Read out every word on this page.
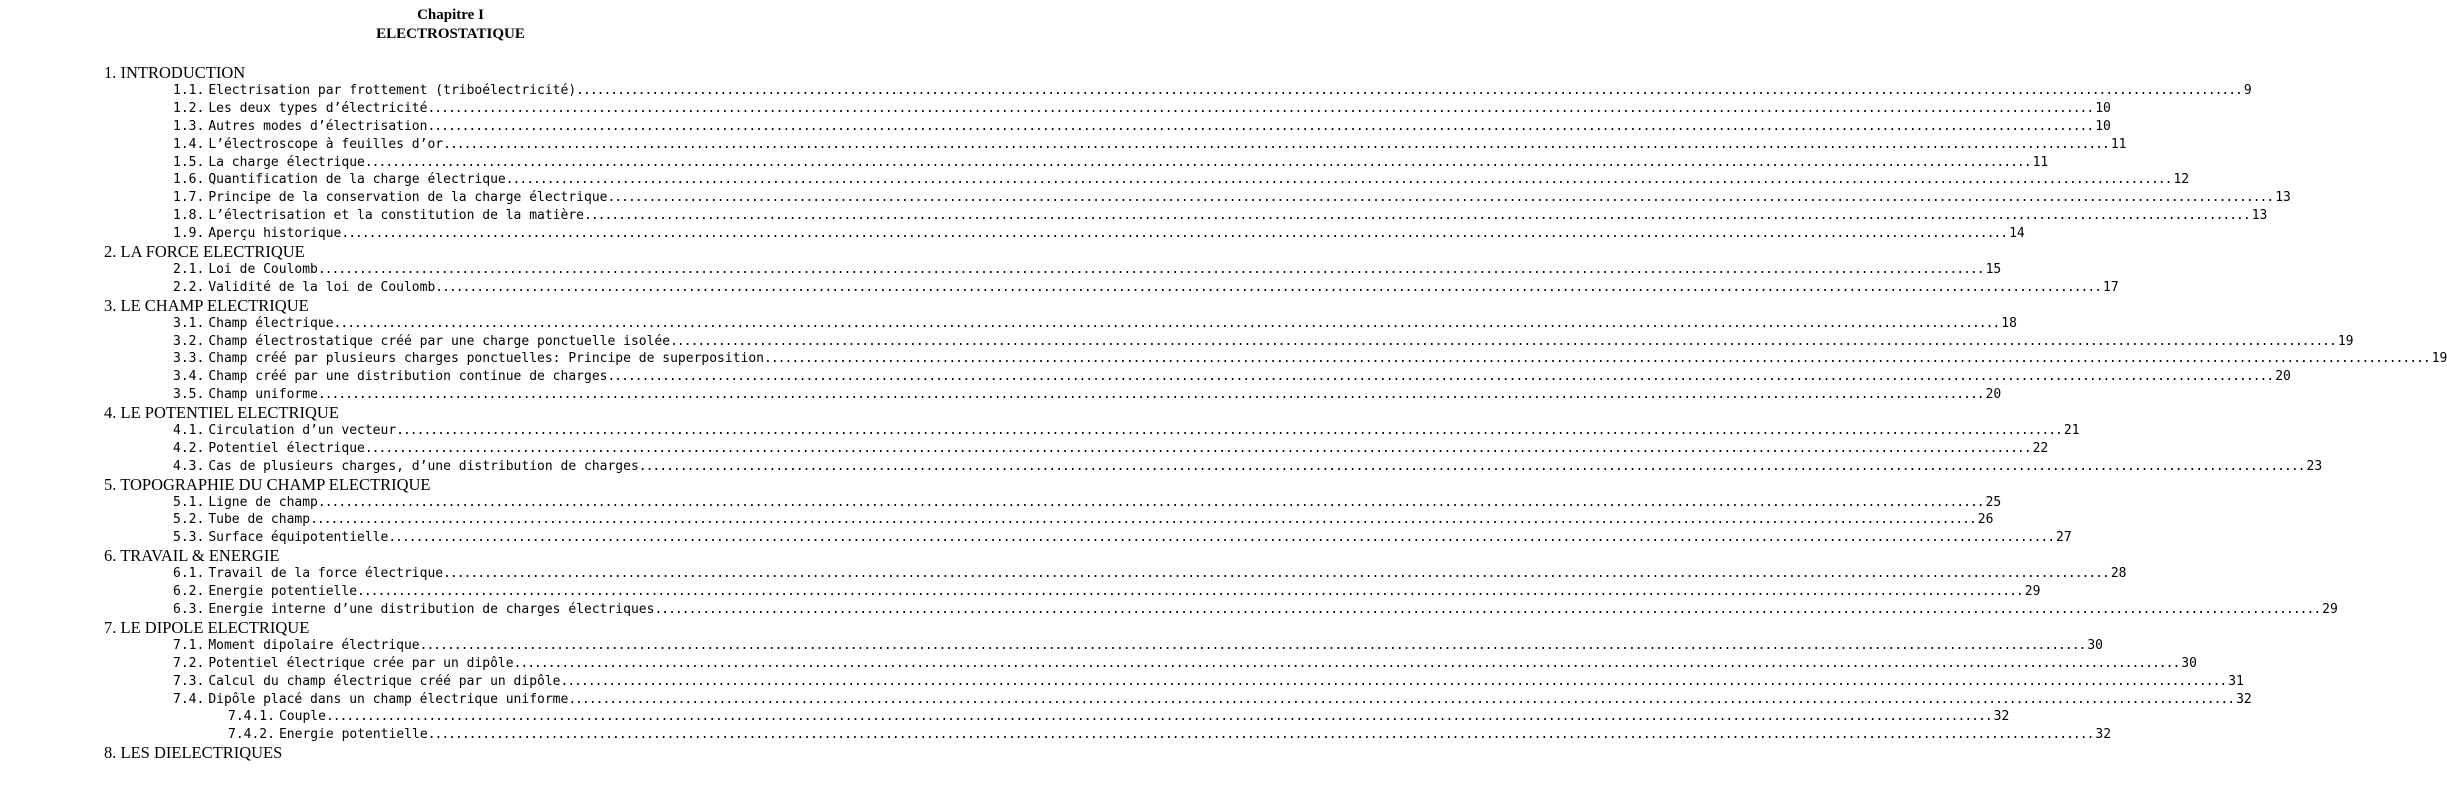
Chapitre I
ELECTROSTATIQUE
1. INTRODUCTION
1.1. Electrisation par frottement (triboélectricité) .....	9
1.2. Les deux types d’électricité .....	10
1.3. Autres modes d’électrisation .....	10
1.4. L’électroscope à feuilles d’or .....	11
1.5. La charge électrique .....	11
1.6. Quantification de la charge électrique .....	12
1.7. Principe de la conservation de la charge électrique .....	13
1.8. L’électrisation et la constitution de la matière .....	13
1.9. Aperçu historique .....	14
2. LA FORCE ELECTRIQUE
2.1. Loi de Coulomb .....	15
2.2. Validité de la loi de Coulomb .....	17
3. LE CHAMP ELECTRIQUE
3.1. Champ électrique .....	18
3.2. Champ électrostatique créé par une charge ponctuelle isolée .....	19
3.3. Champ créé par plusieurs charges ponctuelles: Principe de superposition .....	19
3.4. Champ créé par une distribution continue de charges .....	20
3.5. Champ uniforme .....	20
4. LE POTENTIEL ELECTRIQUE
4.1. Circulation d’un vecteur .....	21
4.2. Potentiel électrique .....	22
4.3. Cas de plusieurs charges, d’une distribution de charges .....	23
5. TOPOGRAPHIE DU CHAMP ELECTRIQUE
5.1. Ligne de champ .....	25
5.2. Tube de champ .....	26
5.3. Surface équipotentielle .....	27
6. TRAVAIL & ENERGIE
6.1. Travail de la force électrique .....	28
6.2. Energie potentielle .....	29
6.3. Energie interne d’une distribution de charges électriques .....	29
7. LE DIPOLE ELECTRIQUE
7.1. Moment dipolaire électrique .....	30
7.2. Potentiel électrique crée par un dipôle .....	30
7.3. Calcul du champ électrique créé par un dipôle .....	31
7.4. Dipôle placé dans un champ électrique uniforme .....	32
7.4.1. Couple .....	32
7.4.2. Energie potentielle .....	32
8. LES DIELECTRIQUES
